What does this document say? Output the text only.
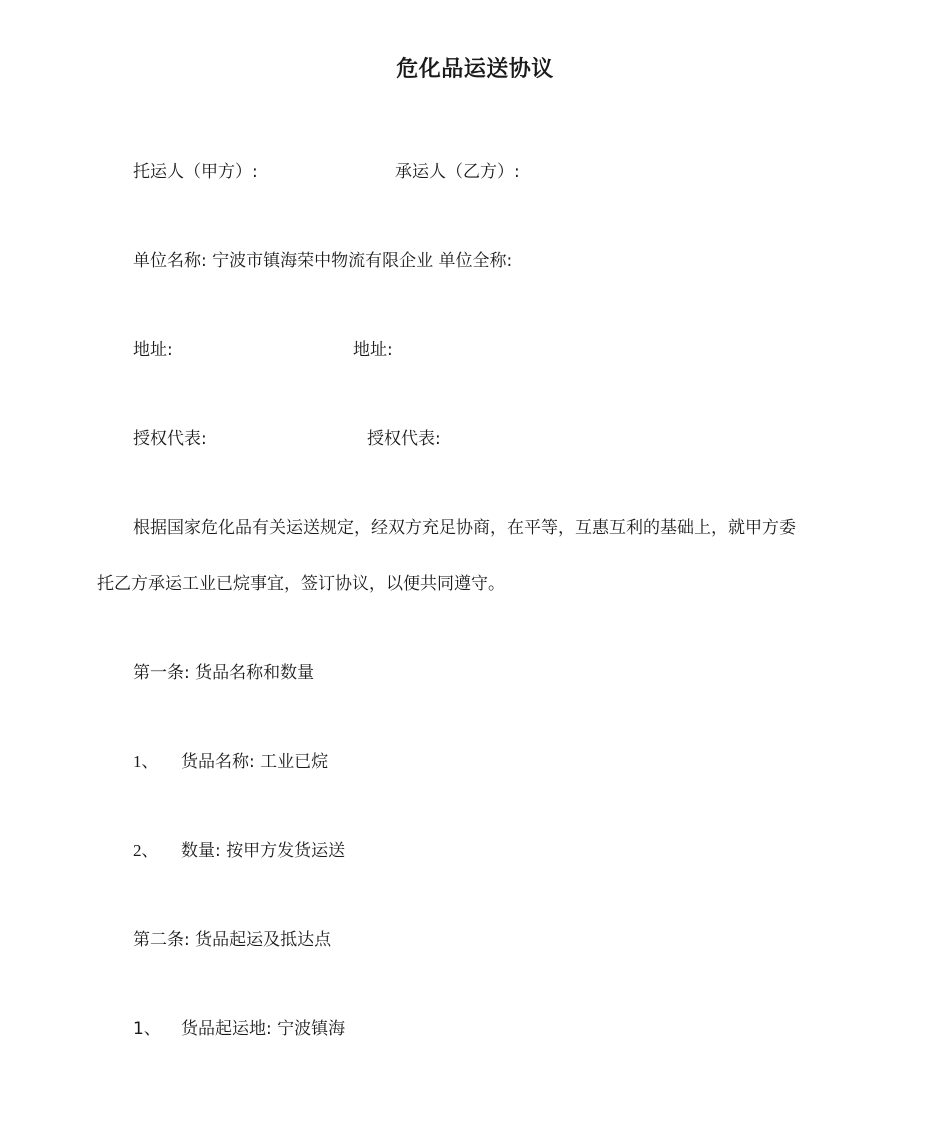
危化品运送协议
托运人（甲方）:	承运人（乙方）:
单位名称: 宁波市镇海荣中物流有限企业 单位全称:
地址:	地址:
授权代表:	授权代表:
根据国家危化品有关运送规定，经双方充足协商，在平等，互惠互利的基础上，就甲方委
托乙方承运工业已烷事宜，签订协议，以便共同遵守。
第一条: 货品名称和数量
1、 货品名称: 工业已烷
2、 数量: 按甲方发货运送
第二条: 货品起运及抵达点
1、 货品起运地: 宁波镇海
